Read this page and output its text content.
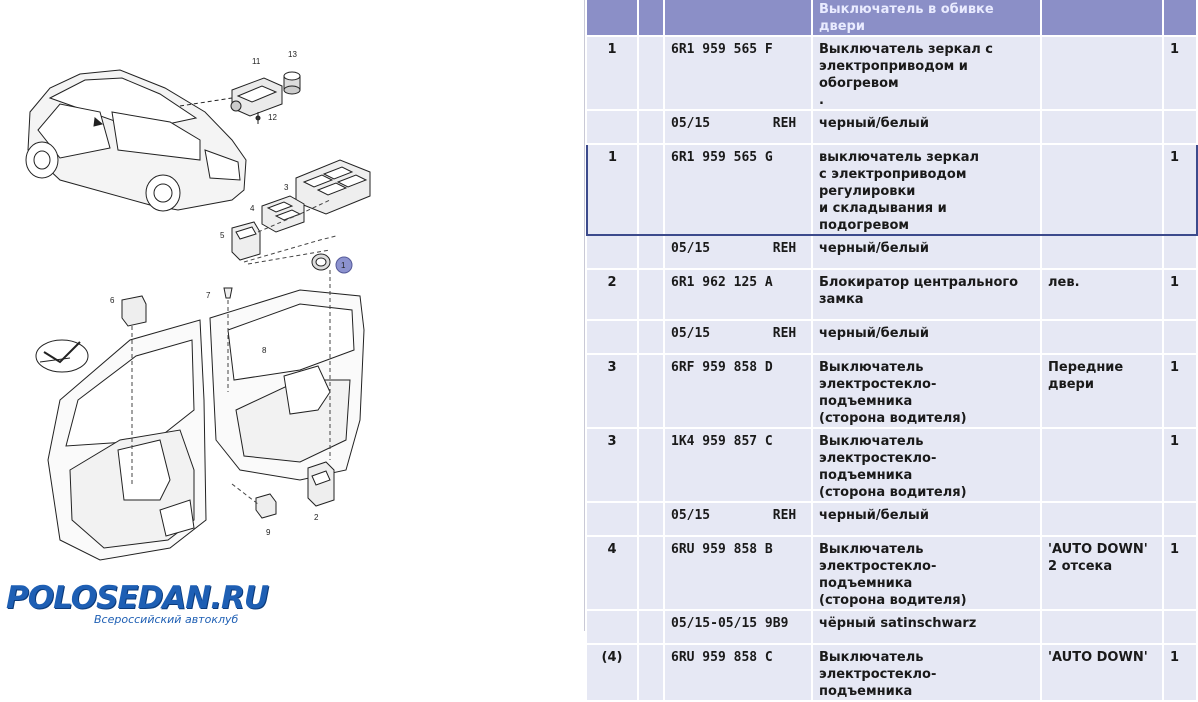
11
13
12
3
4
5
6
7
8
2
9
1
POLOSEDAN.RU
Всероссийский автоклуб
			Выключатель в обивке двери		
1		6R1 959 565 F	Выключатель зеркал с
электроприводом и обогревом
.		1
		05/15        REH	черный/белый		
1		6R1 959 565 G	выключатель зеркал
с электроприводом регулировки
и складывания и подогревом		1
		05/15        REH	черный/белый		
2		6R1 962 125 A	Блокиратор центрального
замка	лев.	1
		05/15        REH	черный/белый		
3		6RF 959 858 D	Выключатель электростекло-
подъемника
(сторона водителя)	Передние двери	1
3		1K4 959 857 C	Выключатель электростекло-
подъемника
(сторона водителя)		1
		05/15        REH	черный/белый		
4		6RU 959 858 B	Выключатель электростекло-
подъемника
(сторона водителя)	'AUTO DOWN'
2 отсека	1
		05/15-05/15 9B9	чёрный satinschwarz		
(4)		6RU 959 858 C	Выключатель электростекло-
подъемника	'AUTO DOWN'	1
